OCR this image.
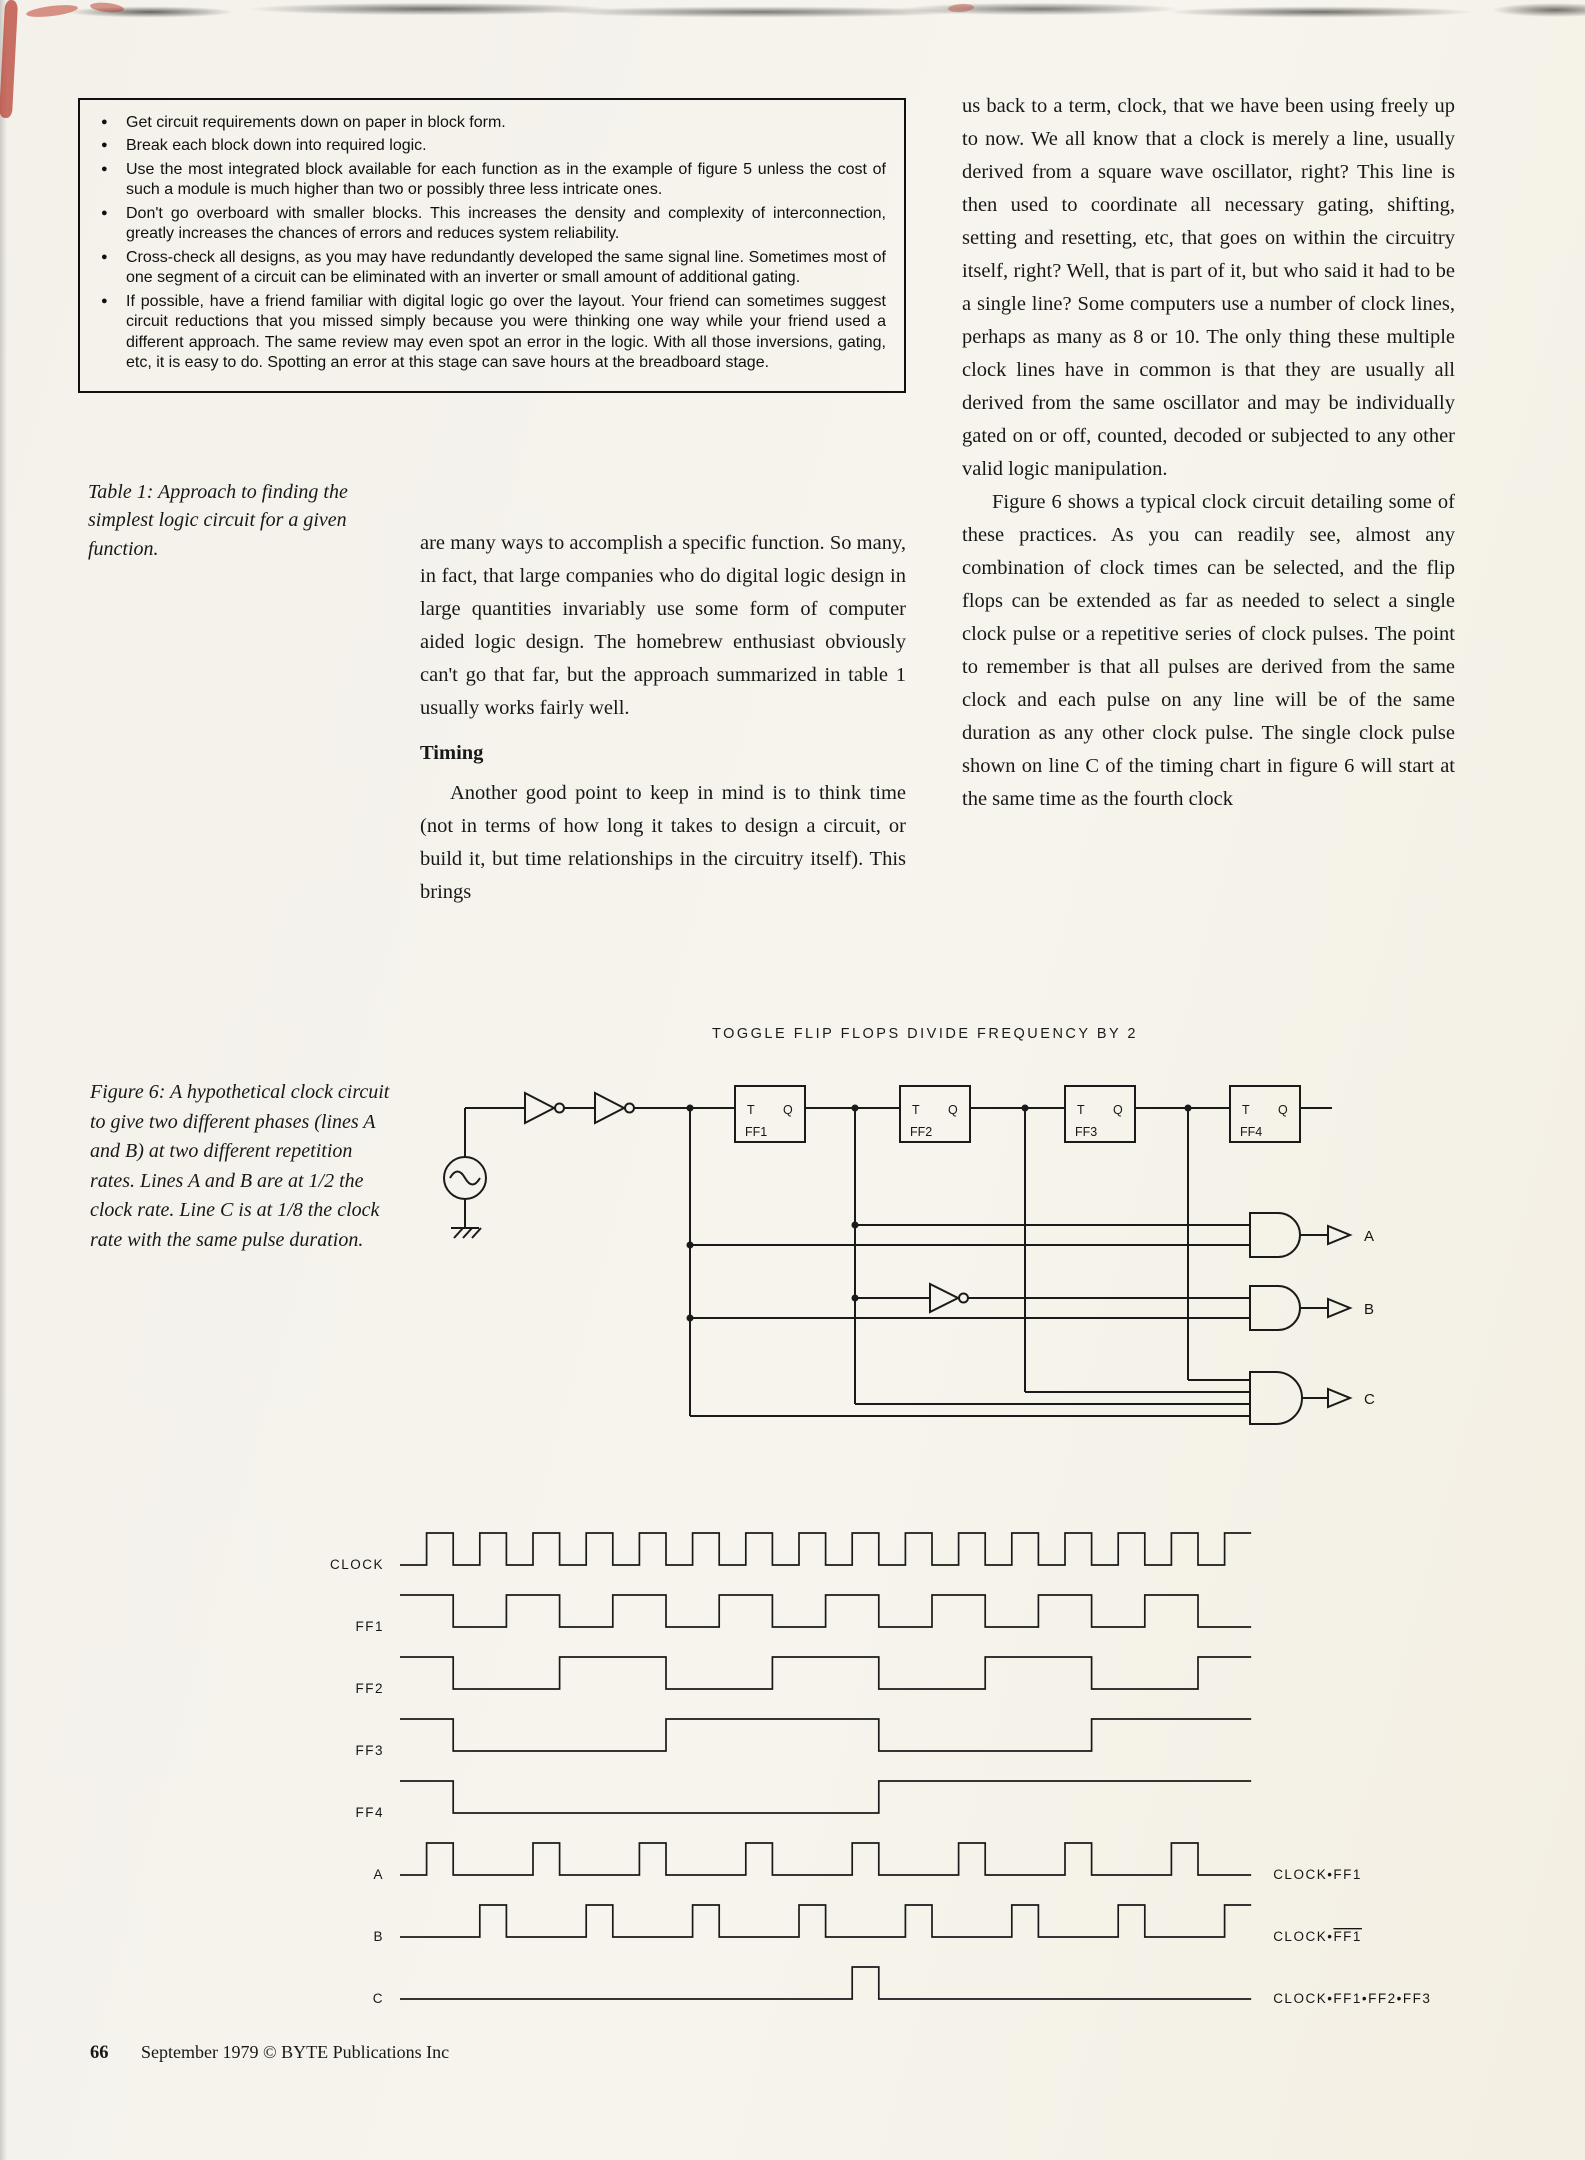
● Get circuit requirements down on paper in block form.
● Break each block down into required logic.
● Use the most integrated block available for each function as in the example of figure 5 unless the cost of such a module is much higher than two or possibly three less intricate ones.
● Don't go overboard with smaller blocks. This increases the density and complexity of interconnection, greatly increases the chances of errors and reduces system reliability.
● Cross-check all designs, as you may have redundantly developed the same signal line. Sometimes most of one segment of a circuit can be eliminated with an inverter or small amount of additional gating.
● If possible, have a friend familiar with digital logic go over the layout. Your friend can sometimes suggest circuit reductions that you missed simply because you were thinking one way while your friend used a different approach. The same review may even spot an error in the logic. With all those inversions, gating, etc, it is easy to do. Spotting an error at this stage can save hours at the breadboard stage.
Table 1: Approach to finding the simplest logic circuit for a given function.	are many ways to accomplish a specific function. So many, in fact, that large companies who do digital logic design in large quantities invariably use some form of computer aided logic design. The homebrew enthusiast obviously can't go that far, but the approach summarized in table 1 usually works fairly well.

Timing

Another good point to keep in mind is to think time (not in terms of how long it takes to design a circuit, or build it, but time relationships in the circuitry itself). This brings

us back to a term, clock, that we have been using freely up to now. We all know that a clock is merely a line, usually derived from a square wave oscillator, right? This line is then used to coordinate all necessary gating, shifting, setting and resetting, etc, that goes on within the circuitry itself, right? Well, that is part of it, but who said it had to be a single line? Some computers use a number of clock lines, perhaps as many as 8 or 10. The only thing these multiple clock lines have in common is that they are usually all derived from the same oscillator and may be individually gated on or off, counted, decoded or subjected to any other valid logic manipulation.

Figure 6 shows a typical clock circuit detailing some of these practices. As you can readily see, almost any combination of clock times can be selected, and the flip flops can be extended as far as needed to select a single clock pulse or a repetitive series of clock pulses. The point to remember is that all pulses are derived from the same clock and each pulse on any line will be of the same duration as any other clock pulse. The single clock pulse shown on line C of the timing chart in figure 6 will start at the same time as the fourth clock

TOGGLE FLIP FLOPS DIVIDE FREQUENCY BY 2
Figure 6: A hypothetical clock circuit to give two different phases (lines A and B) at two different repetition rates. Lines A and B are at 1/2 the clock rate. Line C is at 1/8 the clock rate with the same pulse duration.
T Q
FF1
T Q
FF2
T Q
FF3
T Q
FF4
A
B
C
CLOCK
FF1
FF2
FF3
FF4
A	CLOCK•FF1
B	CLOCK•FF1
C	CLOCK•FF1•FF2•FF3
66 September 1979 © BYTE Publications Inc
